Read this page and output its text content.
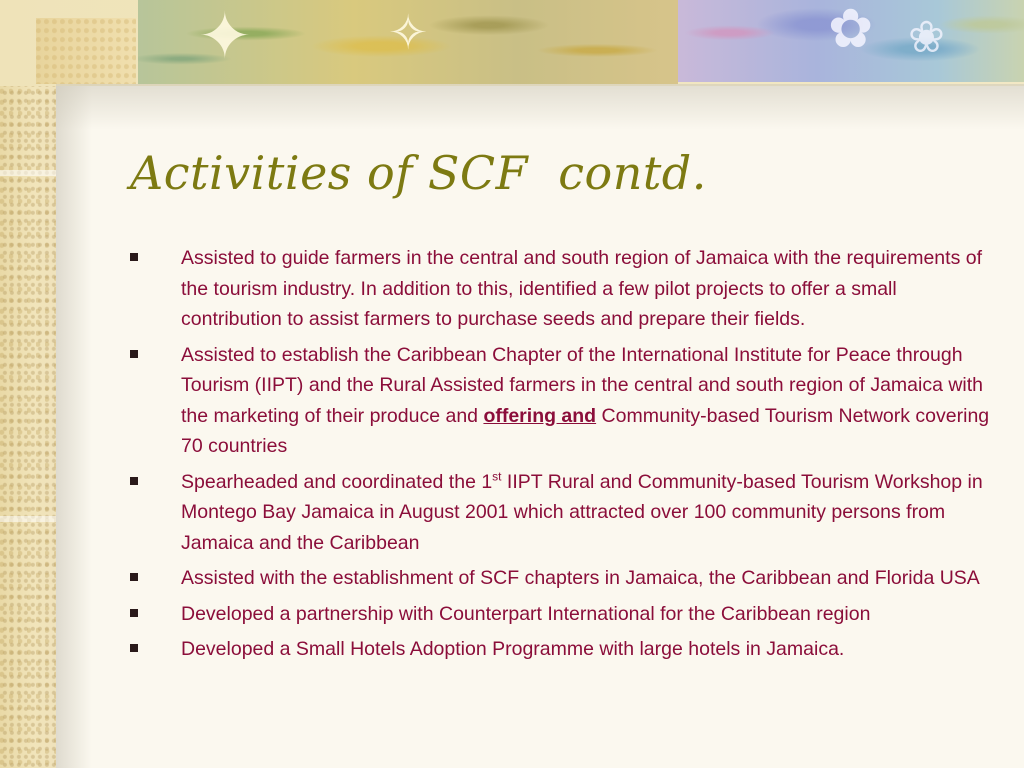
✦	✧	✿ ❀
Activities of SCF  contd.
Assisted to guide farmers in the central and south region of Jamaica with the requirements of the tourism industry. In addition to this, identified a few pilot projects to offer a small contribution to assist farmers to purchase seeds and prepare their fields.
Assisted to establish the Caribbean Chapter of the International Institute for Peace through Tourism (IIPT) and the Rural Assisted farmers in the central and south region of Jamaica with the marketing of their produce and offering and Community-based Tourism Network covering 70 countries
Spearheaded and coordinated the 1st IIPT Rural and Community-based Tourism Workshop in Montego Bay Jamaica in August 2001 which attracted over 100 community persons from Jamaica and the Caribbean
Assisted with the establishment of SCF chapters in Jamaica, the Caribbean and Florida USA
Developed a partnership with Counterpart International for the Caribbean region
Developed a Small Hotels Adoption Programme with large hotels in Jamaica.
